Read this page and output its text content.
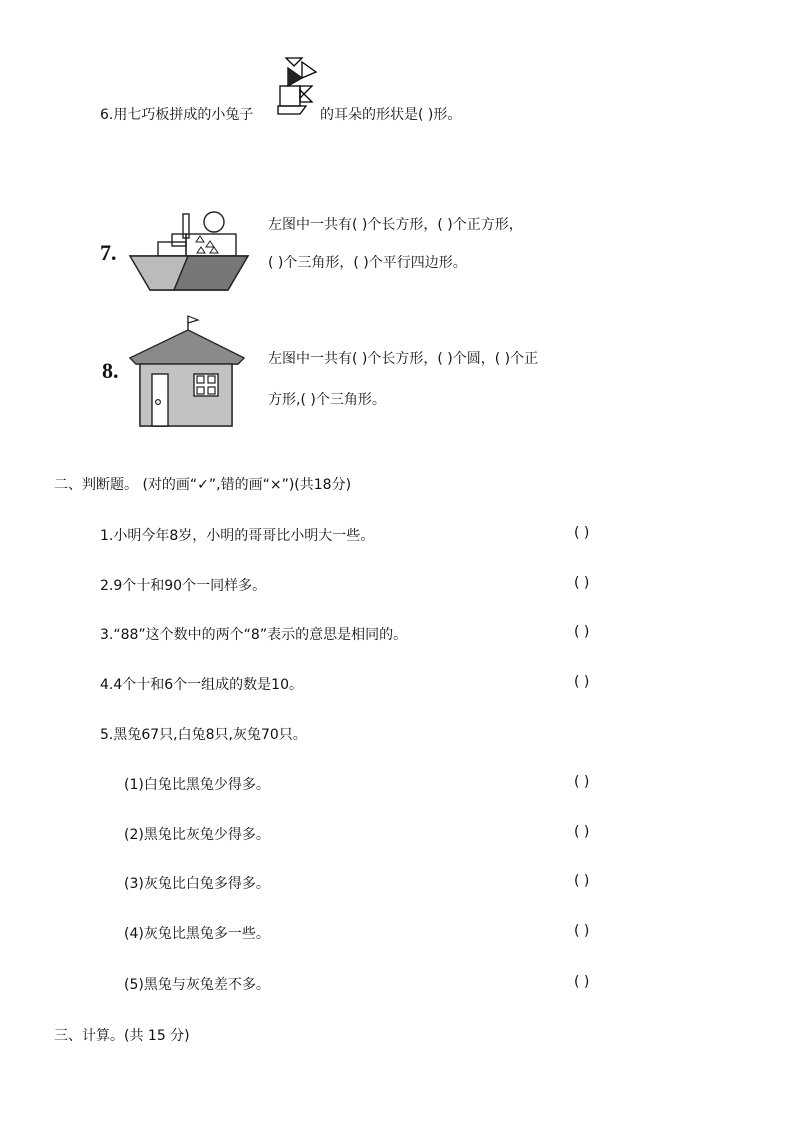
6.用七巧板拼成的小兔子	的耳朵的形状是( )形。
7.
左图中一共有( )个长方形，( )个正方形，
( )个三角形，( )个平行四边形。
8.	左图中一共有( )个长方形，( )个圆，( )个正
方形,( )个三角形。
二、判断题。 (对的画“✓”,错的画“×”)(共18分)
1.小明今年8岁，小明的哥哥比小明大一些。	( )
2.9个十和90个一同样多。	( )
3.“88”这个数中的两个“8”表示的意思是相同的。	( )
4.4个十和6个一组成的数是10。	( )
5.黑兔67只,白兔8只,灰兔70只。
(1)白兔比黑兔少得多。	( )
(2)黑兔比灰兔少得多。	( )
(3)灰兔比白兔多得多。	( )
(4)灰兔比黑兔多一些。	( )
(5)黑兔与灰兔差不多。	( )
三、计算。(共 15 分)
